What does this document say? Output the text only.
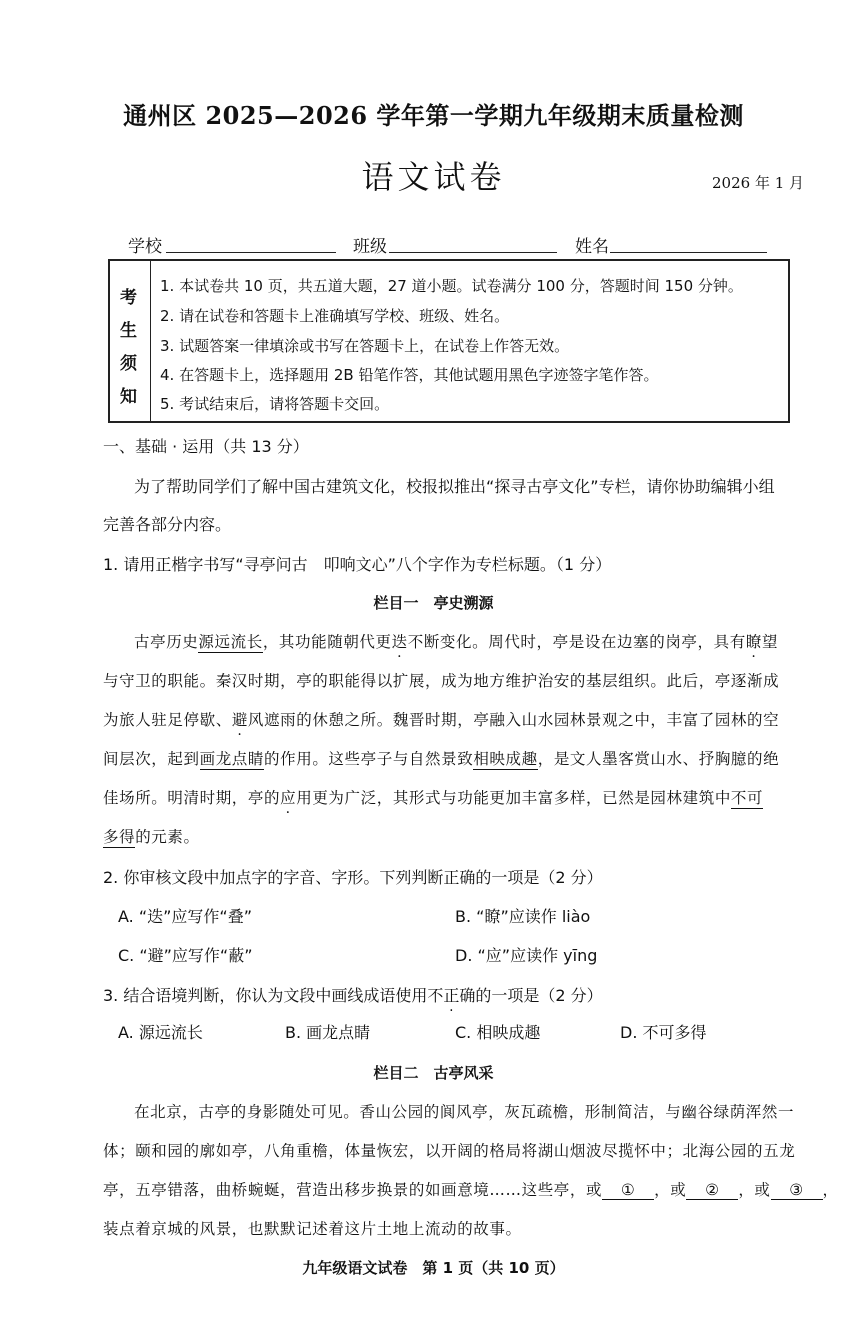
通州区 2025—2026 学年第一学期九年级期末质量检测
语文试卷	2026 年 1 月
学校	班级	姓名
考
生
须
知
1. 本试卷共 10 页，共五道大题，27 道小题。试卷满分 100 分，答题时间 150 分钟。
2. 请在试卷和答题卡上准确填写学校、班级、姓名。
3. 试题答案一律填涂或书写在答题卡上，在试卷上作答无效。
4. 在答题卡上，选择题用 2B 铅笔作答，其他试题用黑色字迹签字笔作答。
5. 考试结束后，请将答题卡交回。
一、基础 · 运用（共 13 分）
为了帮助同学们了解中国古建筑文化，校报拟推出“探寻古亭文化”专栏，请你协助编辑小组
完善各部分内容。
1. 请用正楷字书写“寻亭问古　叩响文心”八个字作为专栏标题。（1 分）
栏目一　亭史溯源
古亭历史源远流长，其功能随朝代更迭不断变化。周代时，亭是设在边塞的岗亭，具有瞭望
与守卫的职能。秦汉时期，亭的职能得以扩展，成为地方维护治安的基层组织。此后，亭逐渐成
为旅人驻足停歇、避风遮雨的休憩之所。魏晋时期，亭融入山水园林景观之中，丰富了园林的空
间层次，起到画龙点睛的作用。这些亭子与自然景致相映成趣，是文人墨客赏山水、抒胸臆的绝
佳场所。明清时期，亭的应用更为广泛，其形式与功能更加丰富多样，已然是园林建筑中不可
多得的元素。
2. 你审核文段中加点字的字音、字形。下列判断正确的一项是（2 分）
A. “迭”应写作“叠”	B. “瞭”应读作 liào
C. “避”应写作“蔽”	D. “应”应读作 yīng
3. 结合语境判断，你认为文段中画线成语使用不正确的一项是（2 分）
A. 源远流长	B. 画龙点睛	C. 相映成趣	D. 不可多得
栏目二　古亭风采
在北京，古亭的身影随处可见。香山公园的阆风亭，灰瓦疏檐，形制简洁，与幽谷绿荫浑然一
体；颐和园的廓如亭，八角重檐，体量恢宏，以开阔的格局将湖山烟波尽揽怀中；北海公园的五龙
亭，五亭错落，曲桥蜿蜒，营造出移步换景的如画意境……这些亭，或 ① ，或 ② ，或 ③ ，
装点着京城的风景，也默默记述着这片土地上流动的故事。
九年级语文试卷　第 1 页（共 10 页）
